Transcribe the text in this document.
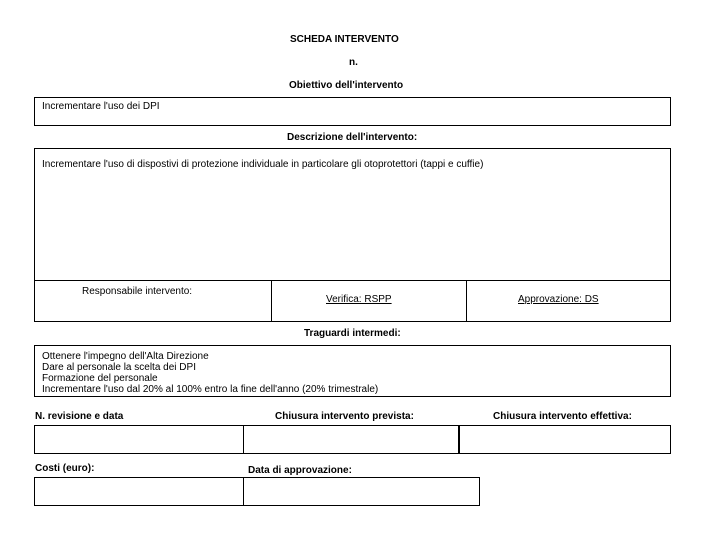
SCHEDA INTERVENTO
n.
Obiettivo dell'intervento
Incrementare l'uso dei DPI
Descrizione dell'intervento:
Incrementare l'uso di dispostivi di protezione individuale in particolare gli otoprotettori (tappi e cuffie)
Responsabile intervento:
Verifica: RSPP	Approvazione: DS
Traguardi intermedi:
Ottenere l'impegno dell'Alta Direzione
Dare al personale la scelta dei DPI
Formazione del personale
Incrementare l'uso dal 20% al 100% entro la fine dell'anno (20% trimestrale)
N. revisione e data	Chiusura intervento prevista:	Chiusura intervento effettiva:
Costi (euro):	Data di approvazione:
